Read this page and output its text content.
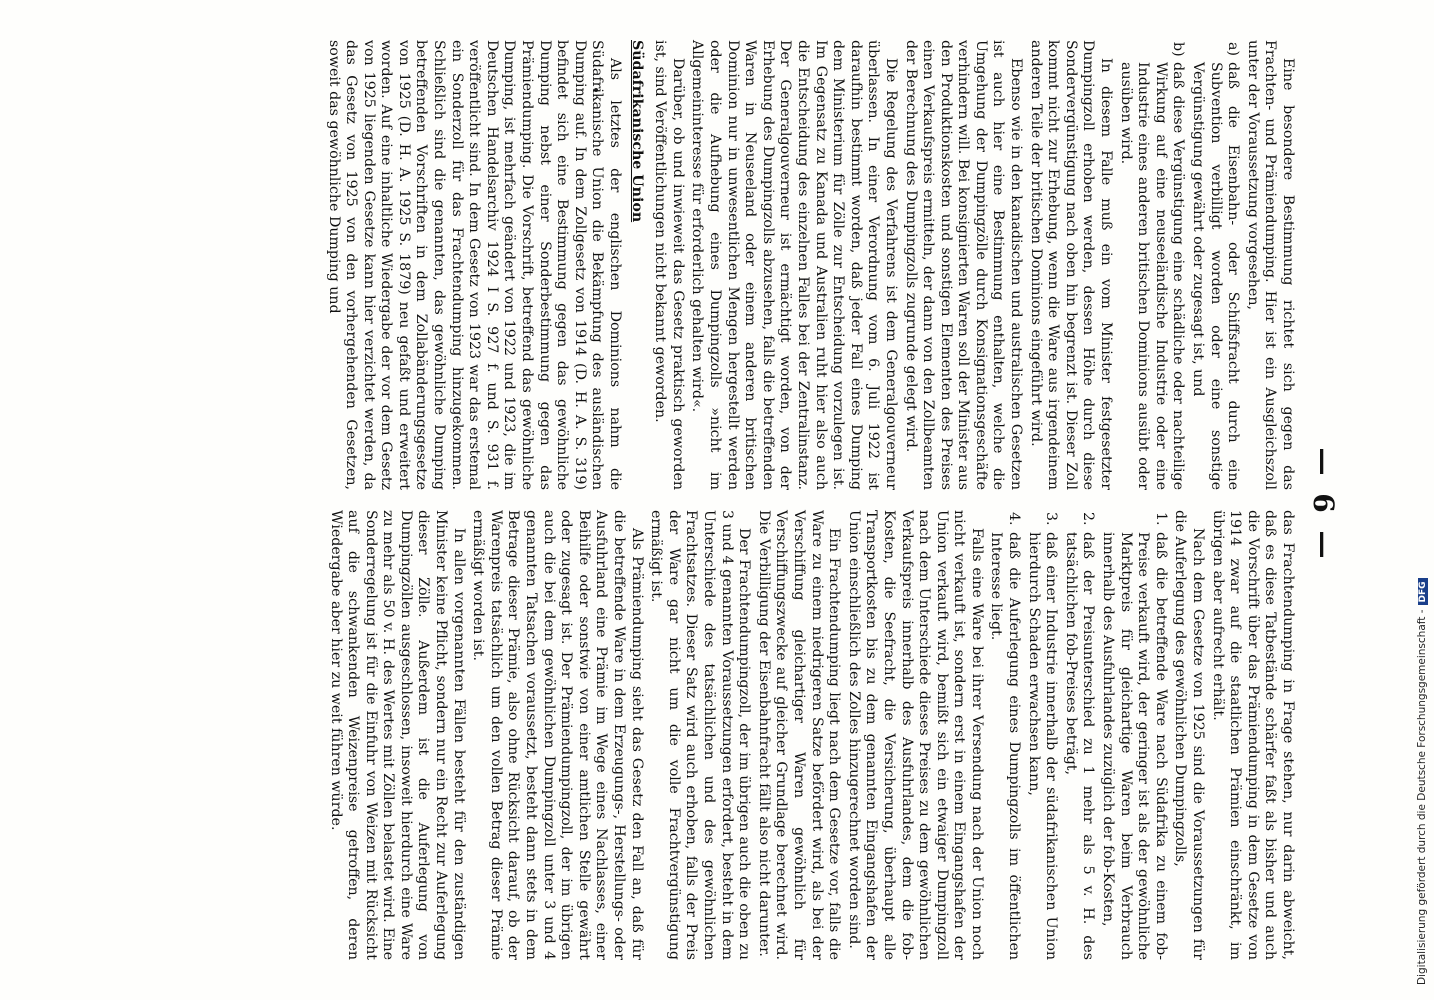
— 6 —

Eine besondere Bestimmung richtet sich gegen das Frachten- und Prämiendumping. Hier ist ein Ausgleichszoll unter der Voraussetzung vorgesehen,

a)
daß die Eisenbahn- oder Schiffsfracht durch eine Subvention verbilligt worden oder eine sonstige Vergünstigung gewährt oder zugesagt ist, und

b)
daß diese Vergünstigung eine schädliche oder nachteilige Wirkung auf eine neuseeländische Industrie oder eine Industrie eines anderen britischen Dominions ausübt oder ausüben wird.

In diesem Falle muß ein vom Minister festgesetzter Dumpingzoll erhoben werden, dessen Höhe durch diese Sondervergünstigung nach oben hin begrenzt ist. Dieser Zoll kommt nicht zur Erhebung, wenn die Ware aus irgendeinem anderen Teile der britischen Dominions eingeführt wird.

Ebenso wie in den kanadischen und australischen Gesetzen ist auch hier eine Bestimmung enthalten, welche die Umgehung der Dumpingzölle durch Konsignationsgeschäfte verhindern will. Bei konsignierten Waren soll der Minister aus den Produktionskosten und sonstigen Elementen des Preises einen Verkaufspreis ermitteln, der dann von den Zollbeamten der Berechnung des Dumpingzolls zugrunde gelegt wird.

Die Regelung des Verfahrens ist dem Generalgouverneur überlassen. In einer Verordnung vom 6. Juli 1922 ist daraufhin bestimmt worden, daß jeder Fall eines Dumping dem Ministerium für Zölle zur Entscheidung vorzulegen ist. Im Gegensatz zu Kanada und Australien ruht hier also auch die Entscheidung des einzelnen Falles bei der Zentralinstanz. Der Generalgouverneur ist ermächtigt worden, von der Erhebung des Dumpingzolls abzusehen, falls die betreffenden Waren in Neuseeland oder einem anderen britischen Dominion nur in unwesentlichen Mengen hergestellt werden oder die Aufhebung eines Dumpingzolls »nicht im Allgemeininteresse für erforderlich gehalten wird«.

Darüber, ob und inwieweit das Gesetz praktisch geworden ist, sind Veröffentlichungen nicht bekannt geworden.

Südafrikanische Union

Als letztes der englischen Dominions nahm die Südafrikanische Union die Bekämpfung des ausländischen Dumping auf. In dem Zollgesetz von 1914 (D. H. A. S. 319) befindet sich eine Bestimmung gegen das gewöhnliche Dumping nebst einer Sonderbestimmung gegen das Prämiendumping. Die Vorschrift, betreffend das gewöhnliche Dumping, ist mehrfach geändert von 1922 und 1923, die im Deutschen Handelsarchiv 1924 I S. 927 f. und S. 931 f. veröffentlicht sind. In dem Gesetz von 1923 war das erstemal ein Sonderzoll für das Frachtendumping hinzugekommen. Schließlich sind die genannten, das gewöhnliche Dumping betreffenden Vorschriften in dem Zollabänderungsgesetze von 1925 (D. H. A. 1925 S. 1879) neu gefaßt und erweitert worden. Auf eine inhaltliche Wiedergabe der vor dem Gesetz von 1925 liegenden Gesetze kann hier verzichtet werden, da das Gesetz von 1925 von den vorhergehenden Gesetzen, soweit das gewöhnliche Dumping und

das Frachtendumping in Frage stehen, nur darin abweicht, daß es diese Tatbestände schärfer faßt als bisher und auch die Vorschrift über das Prämiendumping in dem Gesetze von 1914 zwar auf die staatlichen Prämien einschränkt, im übrigen aber aufrecht erhält.

Nach dem Gesetze von 1925 sind die Voraussetzungen für die Auferlegung des gewöhnlichen Dumpingzolls,

1.
daß die betreffende Ware nach Südafrika zu einem fob-Preise verkauft wird, der geringer ist als der gewöhnliche Marktpreis für gleichartige Waren beim Verbrauch innerhalb des Ausfuhrlandes zuzüglich der fob-Kosten,

2.
daß der Preisunterschied zu 1 mehr als 5 v. H. des tatsächlichen fob-Preises beträgt,

3.
daß einer Industrie innerhalb der südafrikanischen Union hierdurch Schaden erwachsen kann,

4.
daß die Auferlegung eines Dumpingzolls im öffentlichen Interesse liegt.

Falls eine Ware bei ihrer Versendung nach der Union noch nicht verkauft ist, sondern erst in einem Eingangshafen der Union verkauft wird, bemißt sich ein etwaiger Dumpingzoll nach dem Unterschiede dieses Preises zu dem gewöhnlichen Verkaufspreis innerhalb des Ausfuhrlandes, dem die fob-Kosten, die Seefracht, die Versicherung, überhaupt alle Transportkosten bis zu dem genannten Eingangshafen der Union einschließlich des Zolles hinzugerechnet worden sind.

Ein Frachtendumping liegt nach dem Gesetze vor, falls die Ware zu einem niedrigeren Satze befördert wird, als bei der Verschiffung gleichartiger Waren gewöhnlich für Verschiffungszwecke auf gleicher Grundlage berechnet wird. Die Verbilligung der Eisenbahnfracht fällt also nicht darunter.

Der Frachtendumpingzoll, der im übrigen auch die oben zu 3 und 4 genannten Voraussetzungen erfordert, besteht in dem Unterschiede des tatsächlichen und des gewöhnlichen Frachtsatzes. Dieser Satz wird auch erhoben, falls der Preis der Ware gar nicht um die volle Frachtvergünstigung ermäßigt ist.

Als Prämiendumping sieht das Gesetz den Fall an, daß für die betreffende Ware in dem Erzeugungs-, Herstellungs- oder Ausfuhrland eine Prämie im Wege eines Nachlasses, einer Beihilfe oder sonstwie von einer amtlichen Stelle gewährt oder zugesagt ist. Der Prämiendumpingzoll, der im übrigen auch die bei dem gewöhnlichen Dumpingzoll unter 3 und 4 genannten Tatsachen voraussetzt, besteht dann stets in dem Betrage dieser Prämie, also ohne Rücksicht darauf, ob der Warenpreis tatsächlich um den vollen Betrag dieser Prämie ermäßigt worden ist.

In allen vorgenannten Fällen besteht für den zuständigen Minister keine Pflicht, sondern nur ein Recht zur Auferlegung dieser Zölle. Außerdem ist die Auferlegung von Dumpingzöllen ausgeschlossen, insoweit hierdurch eine Ware zu mehr als 50 v. H. des Wertes mit Zöllen belastet wird. Eine Sonderregelung ist für die Einfuhr von Weizen mit Rücksicht auf die schwankenden Weizenpreise getroffen, deren Wiedergabe aber hier zu weit führen würde.	Digitalisierung gefördert durch die Deutsche Forschungsgemeinschaft -DFG
